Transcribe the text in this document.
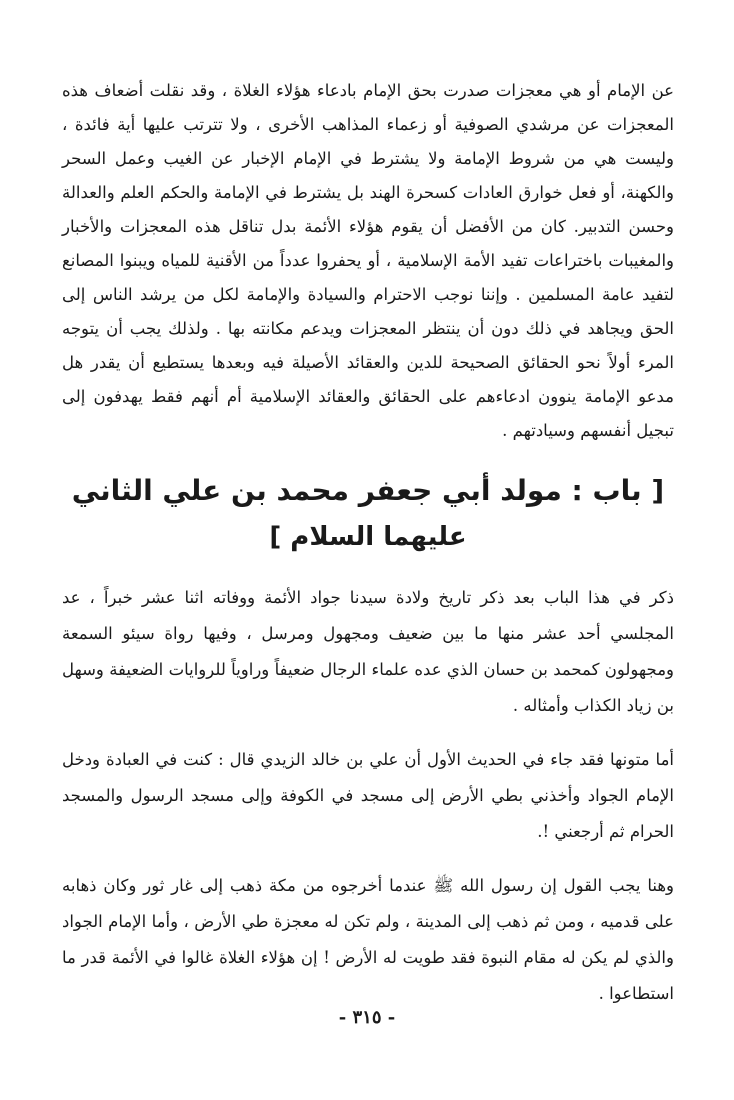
عن الإمام أو هي معجزات صدرت بحق الإمام بادعاء هؤلاء الغلاة ، وقد نقلت أضعاف هذه المعجزات عن مرشدي الصوفية أو زعماء المذاهب الأخرى ، ولا تترتب عليها أية فائدة ، وليست هي من شروط الإمامة ولا يشترط في الإمام الإخبار عن الغيب وعمل السحر والكهنة، أو فعل خوارق العادات كسحرة الهند بل يشترط في الإمامة والحكم العلم والعدالة وحسن التدبير. كان من الأفضل أن يقوم هؤلاء الأئمة بدل تناقل هذه المعجزات والأخبار والمغيبات باختراعات تفيد الأمة الإسلامية ، أو يحفروا عدداً من الأقنية للمياه ويبنوا المصانع لتفيد عامة المسلمين . وإننا نوجب الاحترام والسيادة والإمامة لكل من يرشد الناس إلى الحق ويجاهد في ذلك دون أن ينتظر المعجزات ويدعم مكانته بها . ولذلك يجب أن يتوجه المرء أولاً نحو الحقائق الصحيحة للدين والعقائد الأصيلة فيه وبعدها يستطيع أن يقدر هل مدعو الإمامة ينوون ادعاءهم على الحقائق والعقائد الإسلامية أم أنهم فقط يهدفون إلى تبجيل أنفسهم وسيادتهم .

[ باب : مولد أبي جعفر محمد بن علي الثاني
عليهما السلام ]

ذكر في هذا الباب بعد ذكر تاريخ ولادة سيدنا جواد الأئمة ووفاته اثنا عشر خبراً ، عد المجلسي أحد عشر منها ما بين ضعيف ومجهول ومرسل ، وفيها رواة سيئو السمعة ومجهولون كمحمد بن حسان الذي عده علماء الرجال ضعيفاً وراوياً للروايات الضعيفة وسهل بن زياد الكذاب وأمثاله .

أما متونها فقد جاء في الحديث الأول أن علي بن خالد الزيدي قال : كنت في العبادة ودخل الإمام الجواد وأخذني بطي الأرض إلى مسجد في الكوفة وإلى مسجد الرسول والمسجد الحرام ثم أرجعني !.

وهنا يجب القول إن رسول الله ﷺ عندما أخرجوه من مكة ذهب إلى غار ثور وكان ذهابه على قدميه ، ومن ثم ذهب إلى المدينة ، ولم تكن له معجزة طي الأرض ، وأما الإمام الجواد والذي لم يكن له مقام النبوة فقد طويت له الأرض ! إن هؤلاء الغلاة غالوا في الأئمة قدر ما استطاعوا .

- ٣١٥ -
